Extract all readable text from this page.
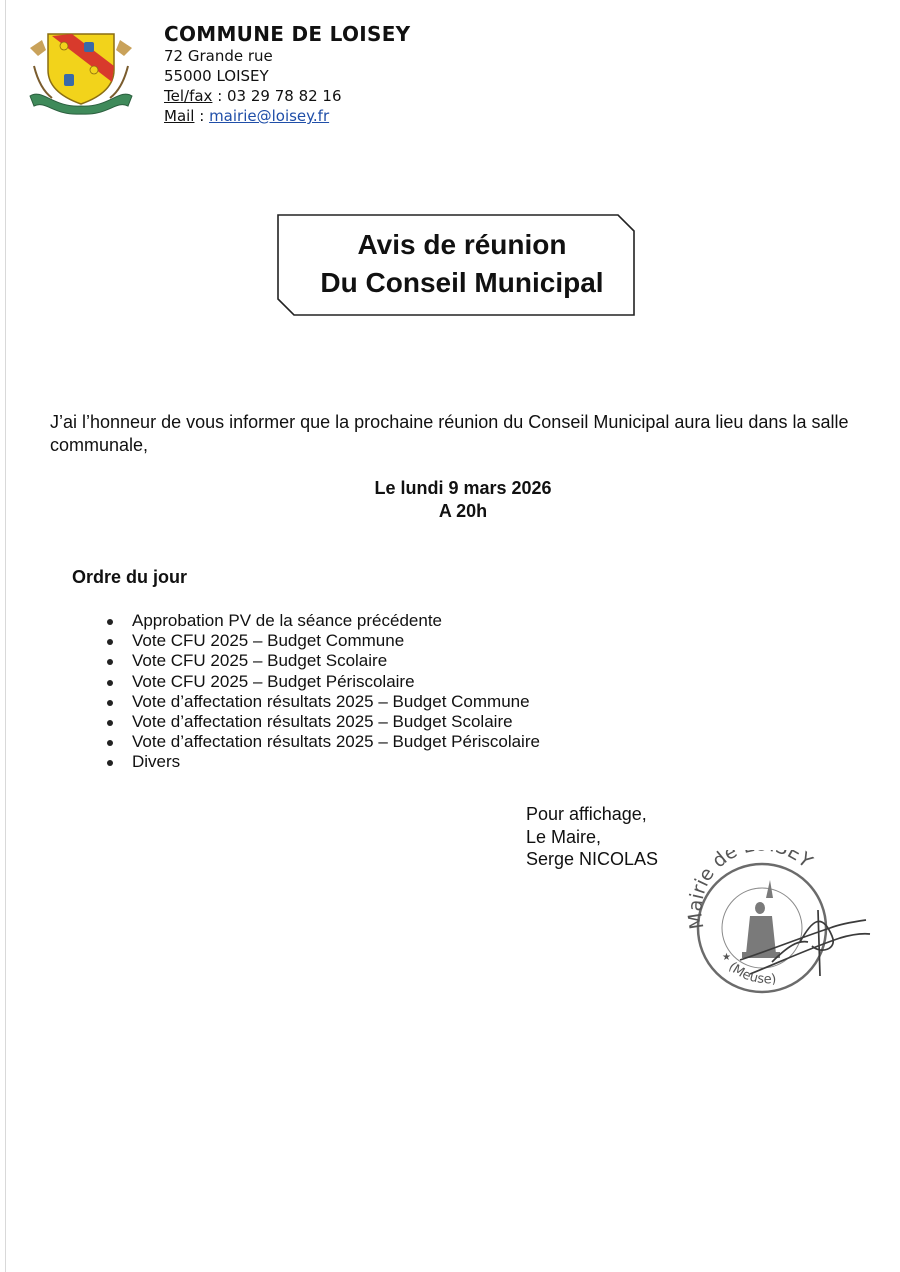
COMMUNE DE LOISEY
72 Grande rue
55000 LOISEY
Tel/fax : 03 29 78 82 16
Mail : mairie@loisey.fr
Avis de réunion
Du Conseil Municipal
J’ai l’honneur de vous informer que la prochaine réunion du Conseil Municipal aura lieu dans la salle communale,
Le lundi 9 mars 2026
A 20h
Ordre du jour
Approbation PV de la séance précédente
Vote CFU 2025 – Budget Commune
Vote CFU 2025 – Budget Scolaire
Vote CFU 2025 – Budget Périscolaire
Vote d’affectation résultats 2025 – Budget Commune
Vote d’affectation résultats 2025 – Budget Scolaire
Vote d’affectation résultats 2025 – Budget Périscolaire
Divers
Pour affichage,
Le Maire,
Serge NICOLAS
Mairie de EY
(Meuse)
★
